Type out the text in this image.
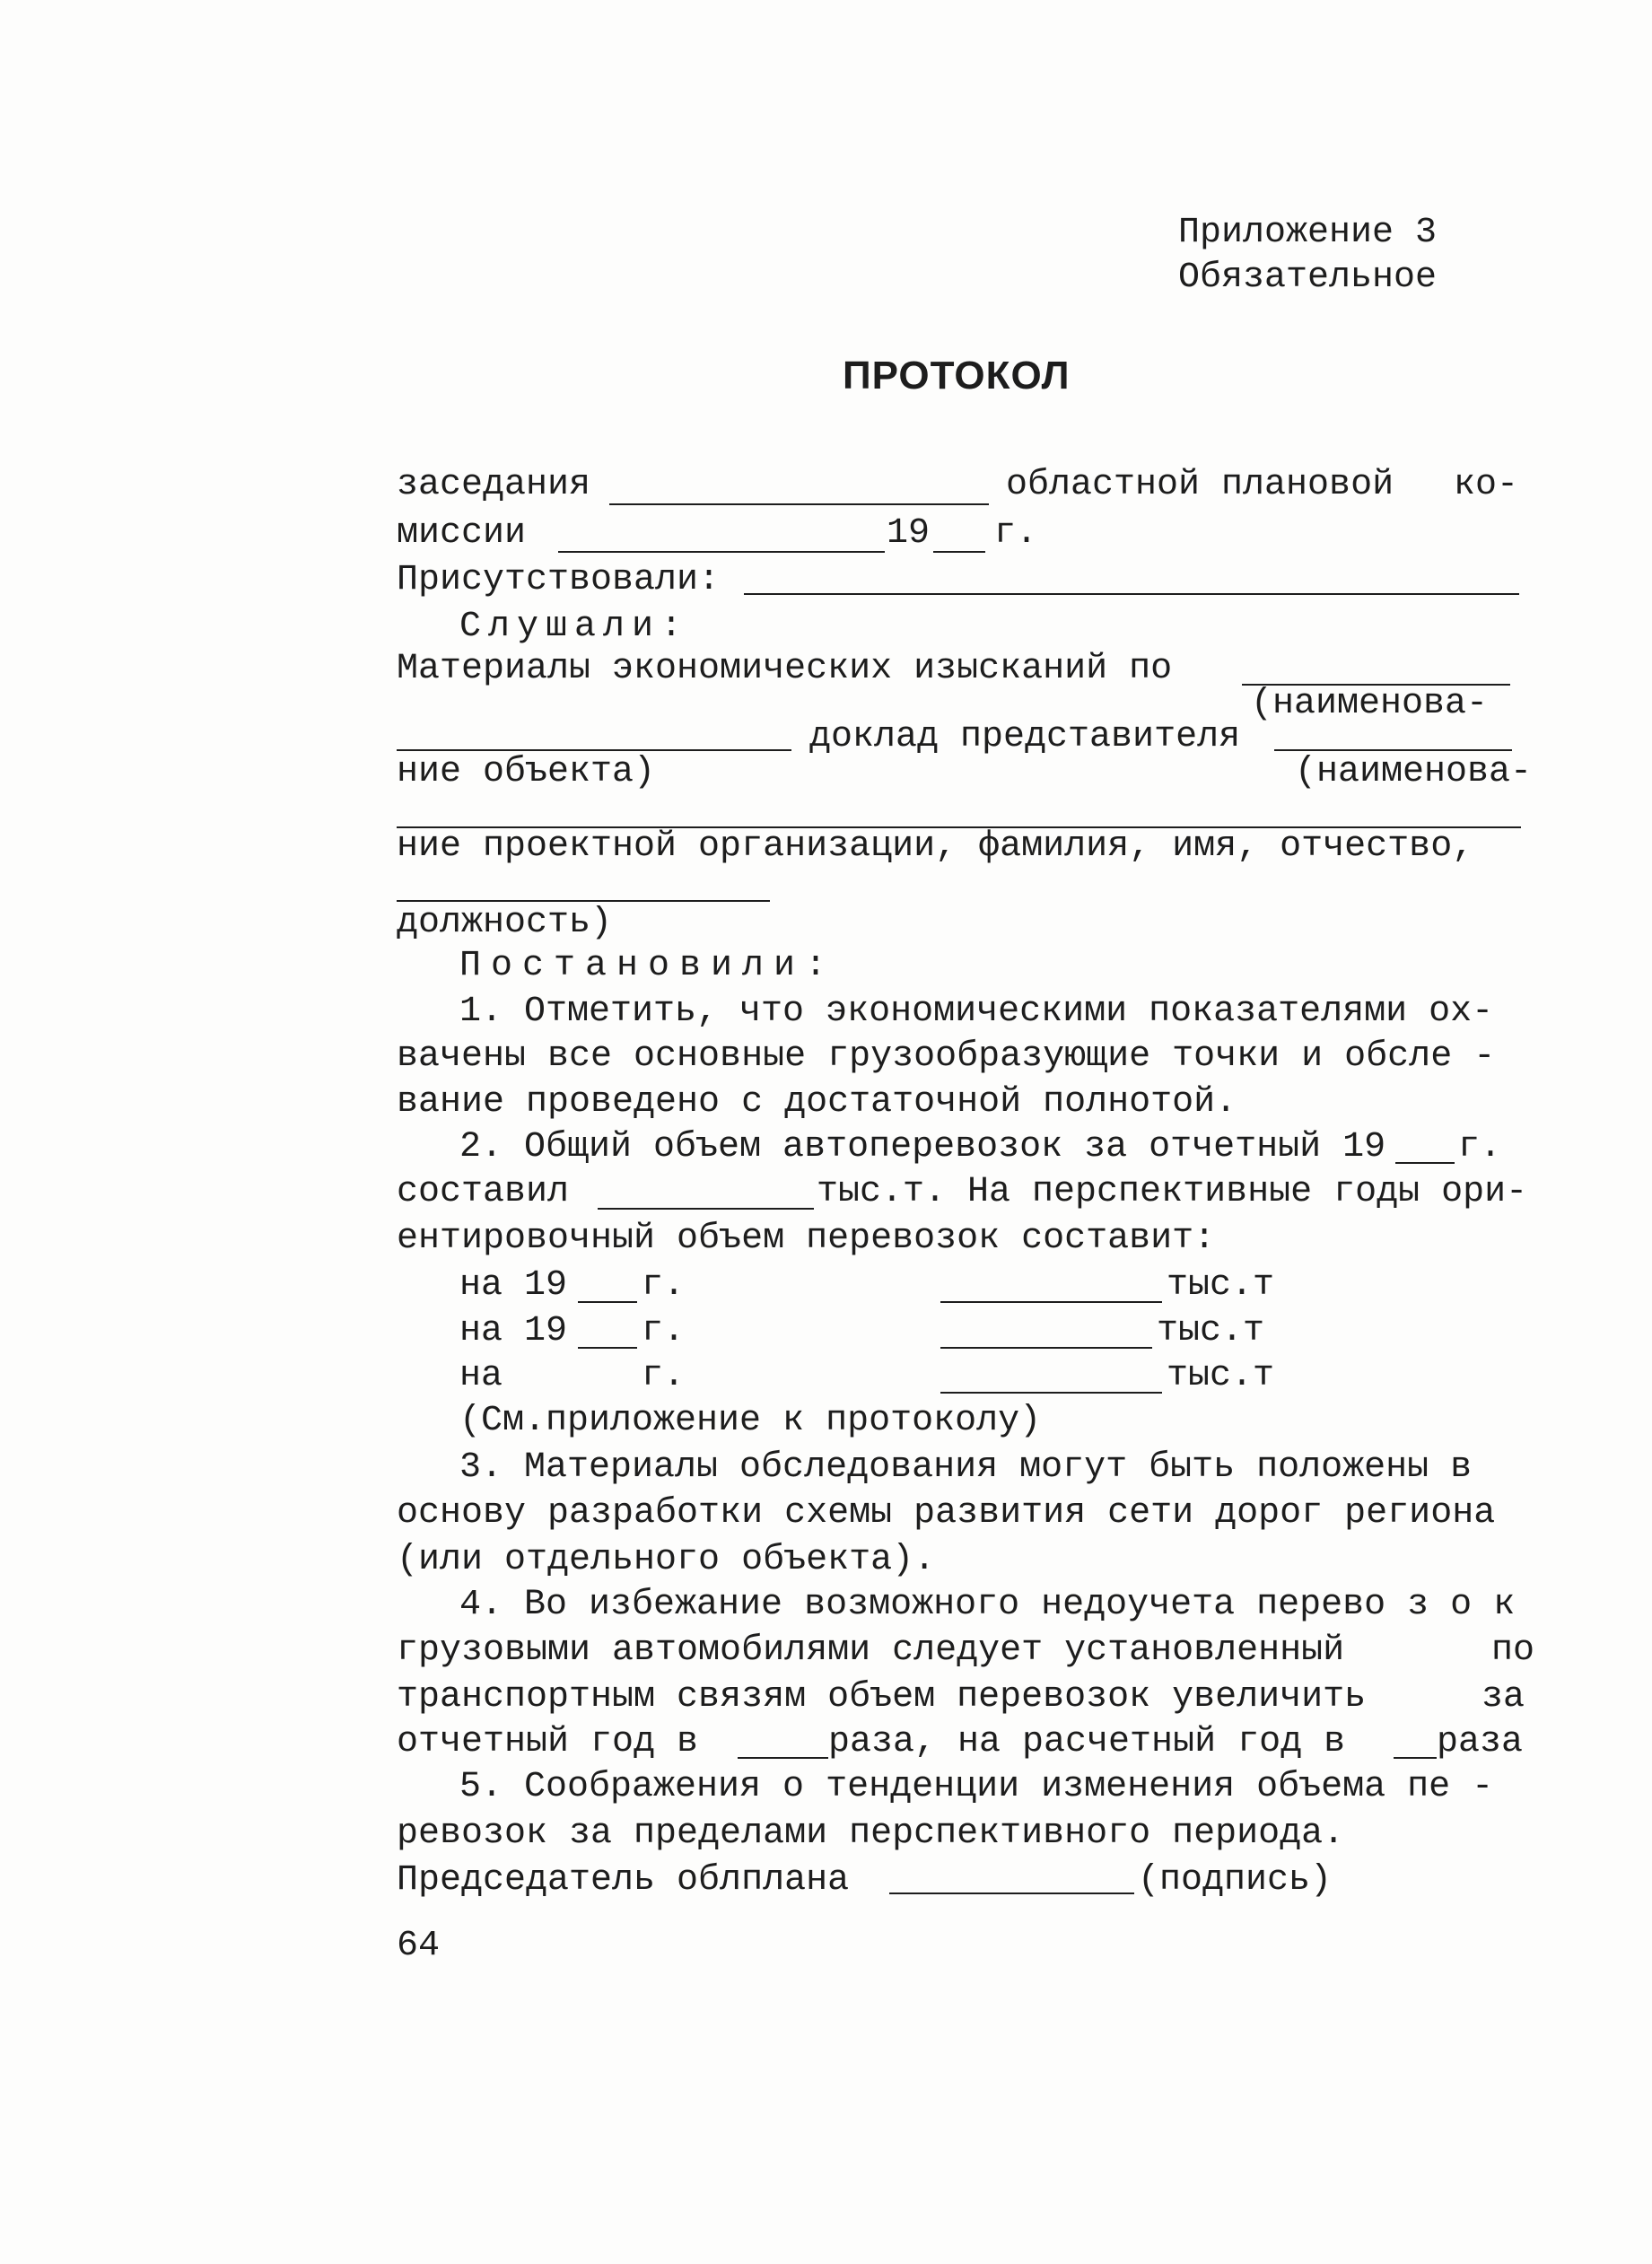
Приложение 3
Обязательное
ПРОТОКОЛ
заседания	областной плановой ко-
миссии	19 г.
Присутствовали:
Слушали:
Материалы экономических изысканий по
(наименова-
доклад представителя
ние объекта)	(наименова-
ние проектной организации, фамилия, имя, отчество,
должность)
Постановили:
1. Отметить, что экономическими показателями ох-
вачены все основные грузообразующие точки и обсле -
вание проведено с достаточной полнотой.
2. Общий объем автоперевозок за отчетный 19 г.
составил	тыс.т. На перспективные годы ори-
ентировочный объем перевозок составит:
на 19 г.	тыс.т
на 19 г.	тыс.т
на	г.	тыс.т
(См.приложение к протоколу)
3. Материалы обследования могут быть положены в
основу разработки схемы развития сети дорог региона
(или отдельного объекта).
4. Во избежание возможного недоучета перево з о к
грузовыми автомобилями следует установленный	по
транспортным связям объем перевозок увеличить	за
отчетный год в	раза, на расчетный год в	раза
5. Соображения о тенденции изменения объема пе -
ревозок за пределами перспективного периода.
Председатель облплана	(подпись)
64
